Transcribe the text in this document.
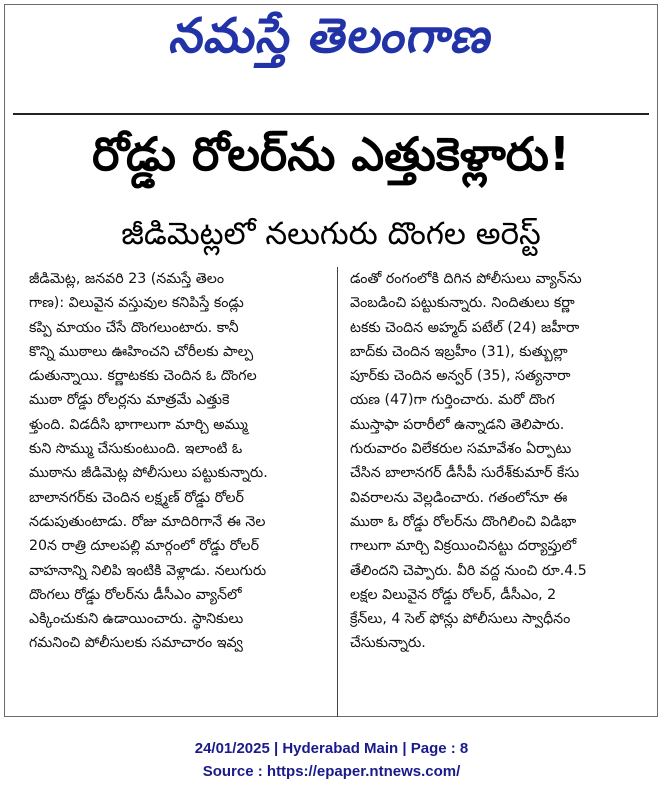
నమస్తే తెలంగాణ
రోడ్డు రోలర్‌ను ఎత్తుకెళ్లారు!
జీడిమెట్లలో నలుగురు దొంగల అరెస్ట్
జీడిమెట్ల, జనవరి 23 (నమస్తే తెలం
గాణ): విలువైన వస్తువుల కనిపిస్తే కండ్లు
కప్పి మాయం చేసే దొంగలుంటారు. కానీ
కొన్ని ముఠాలు ఊహించని చోరీలకు పాల్ప
డుతున్నాయి. కర్ణాటకకు చెందిన ఓ దొంగల
ముఠా రోడ్డు రోలర్లను మాత్రమే ఎత్తుకె
ళ్తుంది. విడదీసి భాగాలుగా మార్చి అమ్ము
కుని సొమ్ము చేసుకుంటుంది. ఇలాంటి ఓ
ముఠాను జీడిమెట్ల పోలీసులు పట్టుకున్నారు.
బాలానగర్‌కు చెందిన లక్ష్మణ్ రోడ్డు రోలర్
నడుపుతుంటాడు. రోజు మాదిరిగానే ఈ నెల
20న రాత్రి దూలపల్లి మార్గంలో రోడ్డు రోలర్
వాహనాన్ని నిలిపి ఇంటికి వెళ్లాడు. నలుగురు
దొంగలు రోడ్డు రోలర్‌ను డీసీఎం వ్యాన్‌లో
ఎక్కించుకుని ఉడాయించారు. స్థానికులు
గమనించి పోలీసులకు సమాచారం ఇవ్వ
డంతో రంగంలోకి దిగిన పోలీసులు వ్యాన్‌ను
వెంబడించి పట్టుకున్నారు. నిందితులు కర్ణా
టకకు చెందిన అహ్మద్ పటేల్ (24) జహీరా
బాద్‌కు చెందిన ఇబ్రహీం (31), కుత్బుల్లా
పూర్‌కు చెందిన అన్వర్ (35), సత్యనారా
యణ (47)గా గుర్తించారు. మరో దొంగ
ముస్తాఫా పరారీలో ఉన్నాడని తెలిపారు.
గురువారం విలేకరుల సమావేశం ఏర్పాటు
చేసిన బాలానగర్ డీసీపీ సురేశ్‌కుమార్ కేసు
వివరాలను వెల్లడించారు. గతంలోనూ ఈ
ముఠా ఓ రోడ్డు రోలర్‌ను దొంగిలించి విడిభా
గాలుగా మార్చి విక్రయించినట్టు దర్యాప్తులో
తేలిందని చెప్పారు. వీరి వద్ద నుంచి రూ.4.5
లక్షల విలువైన రోడ్డు రోలర్, డీసీఎం, 2
క్రేన్‌లు, 4 సెల్ ఫోన్లు పోలీసులు స్వాధీనం
చేసుకున్నారు.
24/01/2025 | Hyderabad Main | Page : 8
Source : https://epaper.ntnews.com/
